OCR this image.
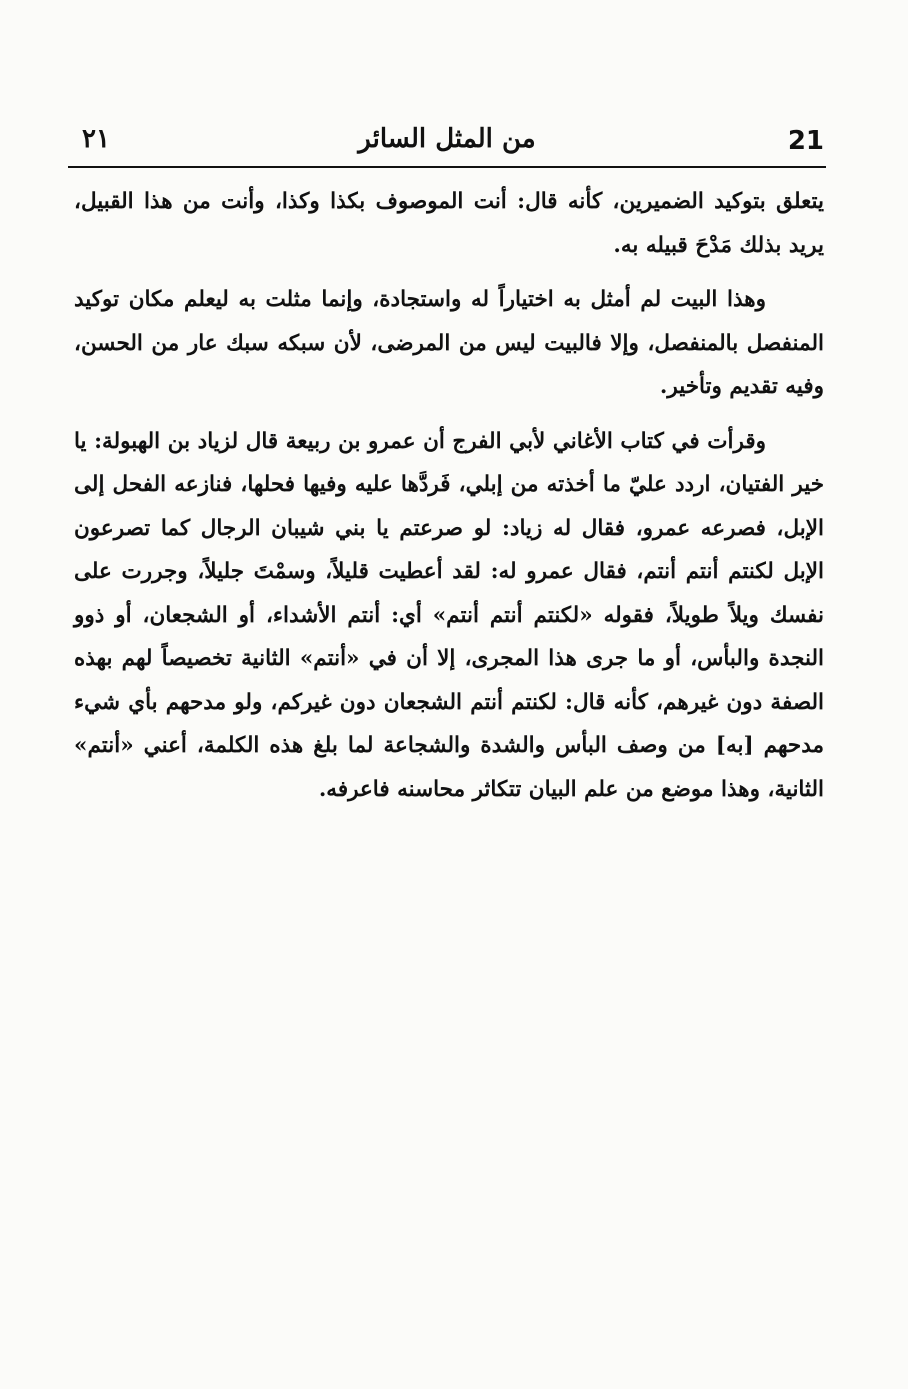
21
من المثل السائر
٢١

يتعلق بتوكيد الضميرين، كأنه قال: أنت الموصوف بكذا وكذا، وأنت من هذا القبيل، يريد بذلك مَدْحَ قبيله به.

وهذا البيت لم أمثل به اختياراً له واستجادة، وإنما مثلت به ليعلم مكان توكيد المنفصل بالمنفصل، وإلا فالبيت ليس من المرضى، لأن سبكه سبك عار من الحسن، وفيه تقديم وتأخير.

وقرأت في كتاب الأغاني لأبي الفرج أن عمرو بن ربيعة قال لزياد بن الهبولة: يا خير الفتيان، اردد عليّ ما أخذته من إبلي، فَردَّها عليه وفيها فحلها، فنازعه الفحل إلى الإبل، فصرعه عمرو، فقال له زياد: لو صرعتم يا بني شيبان الرجال كما تصرعون الإبل لكنتم أنتم أنتم، فقال عمرو له: لقد أعطيت قليلاً، وسمْتَ جليلاً، وجررت على نفسك ويلاً طويلاً، فقوله «لكنتم أنتم أنتم» أي: أنتم الأشداء، أو الشجعان، أو ذوو النجدة والبأس، أو ما جرى هذا المجرى، إلا أن في «أنتم» الثانية تخصيصاً لهم بهذه الصفة دون غيرهم، كأنه قال: لكنتم أنتم الشجعان دون غيركم، ولو مدحهم بأي شيء مدحهم [به] من وصف البأس والشدة والشجاعة لما بلغ هذه الكلمة، أعني «أنتم» الثانية، وهذا موضع من علم البيان تتكاثر محاسنه فاعرفه.
